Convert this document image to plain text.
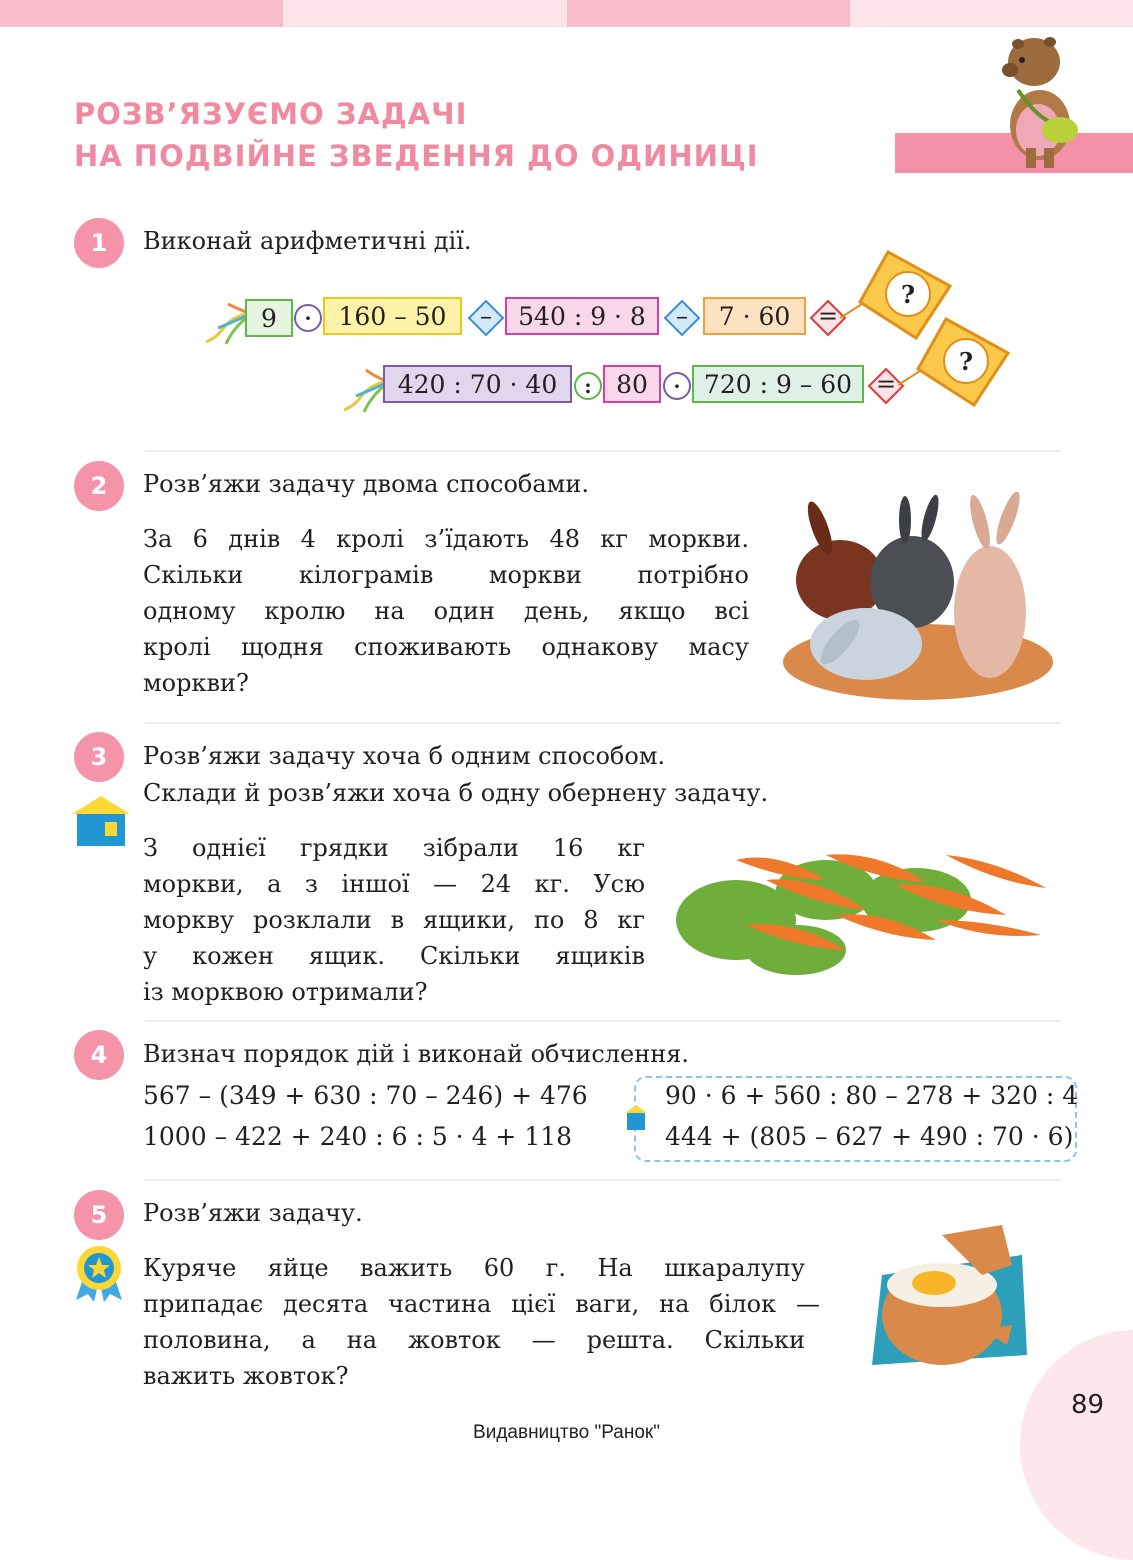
РОЗВ’ЯЗУЄМО ЗАДАЧІ
НА ПОДВІЙНЕ ЗВЕДЕННЯ ДО ОДИНИЦІ
1	Виконай арифметичні дії.
9	·	160 – 50	–	540 : 9 · 8	–	7 · 60	=
?
420 : 70 · 40	: 80	· 720 : 9 – 60 =
?
2	Розв’яжи задачу двома способами.
За 6 днів 4 кролі з’їдають 48 кг моркви.
Скільки кілограмів моркви потрібно
одному кролю на один день, якщо всі
кролі щодня споживають однакову масу
моркви?
3	Розв’яжи задачу хоча б одним способом.
Склади й розв’яжи хоча б одну обернену задачу.
З однієї грядки зібрали 16 кг
моркви, а з іншої — 24 кг. Усю
моркву розклали в ящики, по 8 кг
у кожен ящик. Скільки ящиків
із морквою отримали?
4	Визнач порядок дій і виконай обчислення.
567 – (349 + 630 : 70 – 246) + 476
1000 – 422 + 240 : 6 : 5 · 4 + 118
90 · 6 + 560 : 80 – 278 + 320 : 4
444 + (805 – 627 + 490 : 70 · 6)
5	Розв’яжи задачу.
Куряче яйце важить 60 г. На шкаралупу
припадає десята частина цієї ваги, на білок —
половина, а на жовток — решта. Скільки
важить жовток?
89
Видавництво "Ранок"
